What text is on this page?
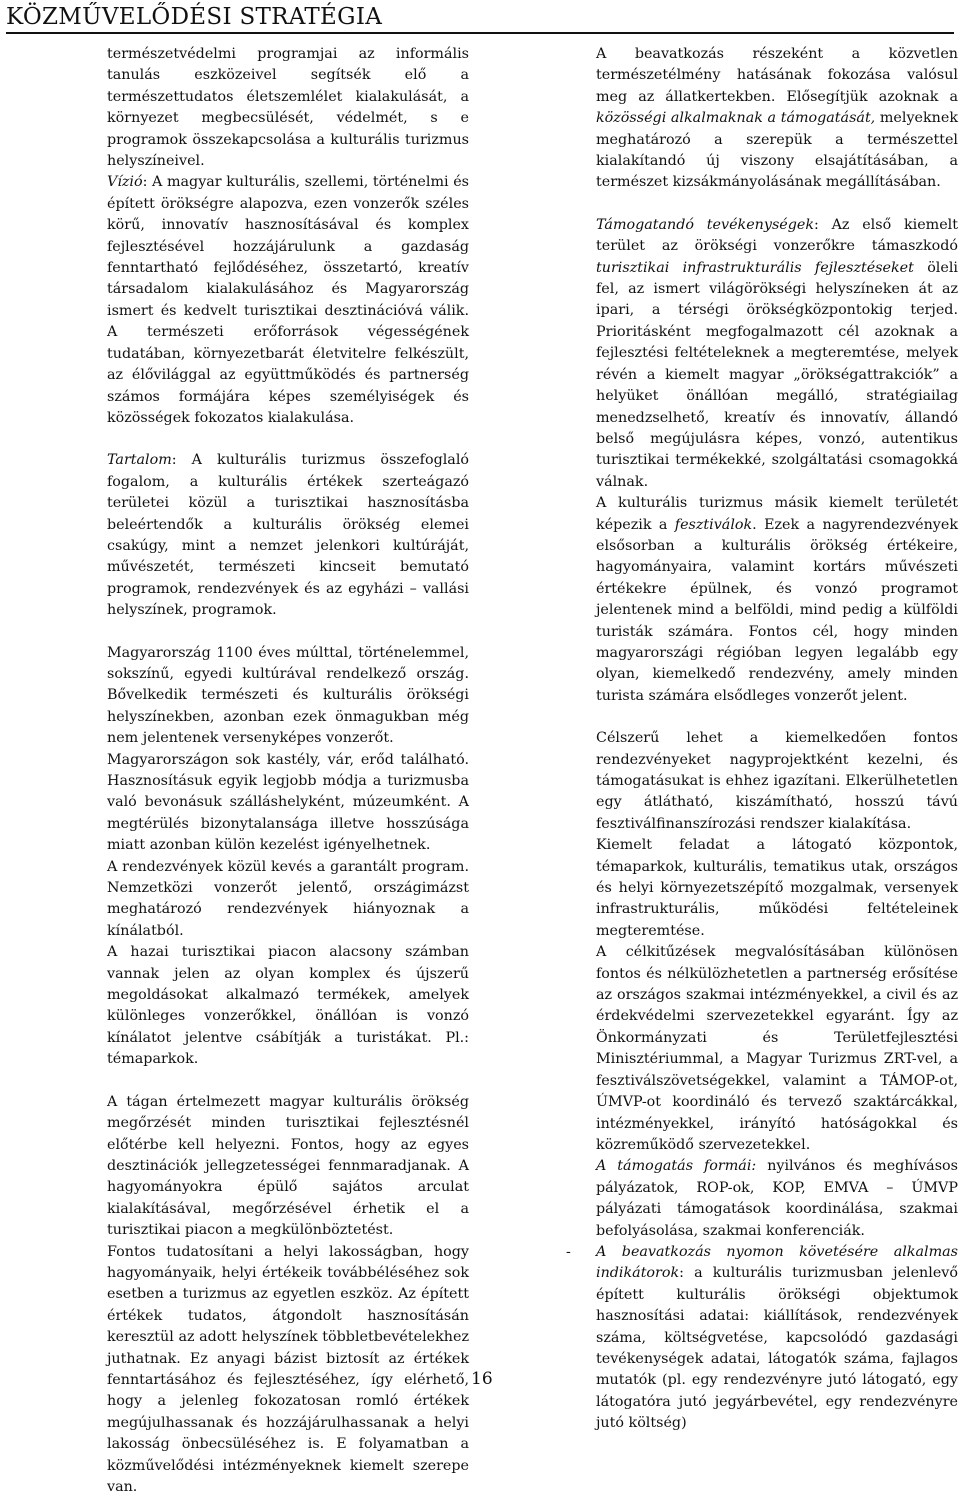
KÖZMŰVELŐDÉSI STRATÉGIA

természetvédelmi programjai az informális tanulás eszközeivel segítsék elő a természettudatos életszemlélet kialakulását, a környezet megbecsülését, védelmét, s e programok összekapcsolása a kulturális turizmus helyszíneivel.

Vízió: A magyar kulturális, szellemi, történelmi és épített örökségre alapozva, ezen vonzerők széles körű, innovatív hasznosításával és komplex fejlesztésével hozzájárulunk a gazdaság fenntartható fejlődéséhez, összetartó, kreatív társadalom kialakulásához és Magyarország ismert és kedvelt turisztikai desztinációvá válik. A természeti erőforrások végességének tudatában, környezetbarát életvitelre felkészült, az élővilággal az együttműködés és partnerség számos formájára képes személyiségek és közösségek fokozatos kialakulása.

Tartalom: A kulturális turizmus összefoglaló fogalom, a kulturális értékek szerteágazó területei közül a turisztikai hasznosításba beleértendők a kulturális örökség elemei csakúgy, mint a nemzet jelenkori kultúráját, művészetét, természeti kincseit bemutató programok, rendezvények és az egyházi – vallási helyszínek, programok.

Magyarország 1100 éves múlttal, történelemmel, sokszínű, egyedi kultúrával rendelkező ország. Bővelkedik természeti és kulturális örökségi helyszínekben, azonban ezek önmagukban még nem jelentenek versenyképes vonzerőt.

Magyarországon sok kastély, vár, erőd található. Hasznosításuk egyik legjobb módja a turizmusba való bevonásuk szálláshelyként, múzeumként. A megtérülés bizonytalansága illetve hosszúsága miatt azonban külön kezelést igényelhetnek.

A rendezvények közül kevés a garantált program. Nemzetközi vonzerőt jelentő, országimázst meghatározó rendezvények hiányoznak a kínálatból.

A hazai turisztikai piacon alacsony számban vannak jelen az olyan komplex és újszerű megoldásokat alkalmazó termékek, amelyek különleges vonzerőkkel, önállóan is vonzó kínálatot jelentve csábítják a turistákat. Pl.: témaparkok.

A tágan értelmezett magyar kulturális örökség megőrzését minden turisztikai fejlesztésnél előtérbe kell helyezni. Fontos, hogy az egyes desztinációk jellegzetességei fennmaradjanak. A hagyományokra épülő sajátos arculat kialakításával, megőrzésével érhetik el a turisztikai piacon a megkülönböztetést.

Fontos tudatosítani a helyi lakosságban, hogy hagyományaik, helyi értékeik továbbéléséhez sok esetben a turizmus az egyetlen eszköz. Az épített értékek tudatos, átgondolt hasznosításán keresztül az adott helyszínek többletbevételekhez juthatnak. Ez anyagi bázist biztosít az értékek fenntartásához és fejlesztéséhez, így elérhető, hogy a jelenleg fokozatosan romló értékek megújulhassanak és hozzájárulhassanak a helyi lakosság önbecsüléséhez is. E folyamatban a közművelődési intézményeknek kiemelt szerepe van.

A beavatkozás részeként a közvetlen természetélmény hatásának fokozása valósul meg az állatkertekben. Elősegítjük azoknak a közösségi alkalmaknak a támogatását, melyeknek meghatározó a szerepük a természettel kialakítandó új viszony elsajátításában, a természet kizsákmányolásának megállításában.

Támogatandó tevékenységek: Az első kiemelt terület az örökségi vonzerőkre támaszkodó turisztikai infrastrukturális fejlesztéseket öleli fel, az ismert világörökségi helyszíneken át az ipari, a térségi örökségközpontokig terjed. Prioritásként megfogalmazott cél azoknak a fejlesztési feltételeknek a megteremtése, melyek révén a kiemelt magyar „örökségattrakciók” a helyüket önállóan megálló, stratégiailag menedzselhető, kreatív és innovatív, állandó belső megújulásra képes, vonzó, autentikus turisztikai termékekké, szolgáltatási csomagokká válnak.

A kulturális turizmus másik kiemelt területét képezik a fesztiválok. Ezek a nagyrendezvények elsősorban a kulturális örökség értékeire, hagyományaira, valamint kortárs művészeti értékekre épülnek, és vonzó programot jelentenek mind a belföldi, mind pedig a külföldi turisták számára. Fontos cél, hogy minden magyarországi régióban legyen legalább egy olyan, kiemelkedő rendezvény, amely minden turista számára elsődleges vonzerőt jelent.

Célszerű lehet a kiemelkedően fontos rendezvényeket nagyprojektként kezelni, és támogatásukat is ehhez igazítani. Elkerülhetetlen egy átlátható, kiszámítható, hosszú távú fesztiválfinanszírozási rendszer kialakítása.

Kiemelt feladat a látogató központok, témaparkok, kulturális, tematikus utak, országos és helyi környezetszépítő mozgalmak, versenyek infrastrukturális, működési feltételeinek megteremtése.

A célkitűzések megvalósításában különösen fontos és nélkülözhetetlen a partnerség erősítése az országos szakmai intézményekkel, a civil és az érdekvédelmi szervezetekkel egyaránt. Így az Önkormányzati és Területfejlesztési Minisztériummal, a Magyar Turizmus ZRT-vel, a fesztiválszövetségekkel, valamint a TÁMOP-ot, ÚMVP-ot koordináló és tervező szaktárcákkal, intézményekkel, irányító hatóságokkal és közreműködő szervezetekkel.

A támogatás formái: nyilvános és meghívásos pályázatok, ROP-ok, KOP, EMVA – ÚMVP pályázati támogatások koordinálása, szakmai befolyásolása, szakmai konferenciák.

- A beavatkozás nyomon követésére alkalmas indikátorok: a kulturális turizmusban jelenlevő épített kulturális örökségi objektumok hasznosítási adatai: kiállítások, rendezvények száma, költségvetése, kapcsolódó gazdasági tevékenységek adatai, látogatók száma, fajlagos mutatók (pl. egy rendezvényre jutó látogató, egy látogatóra jutó jegyárbevétel, egy rendezvényre jutó költség)

16
